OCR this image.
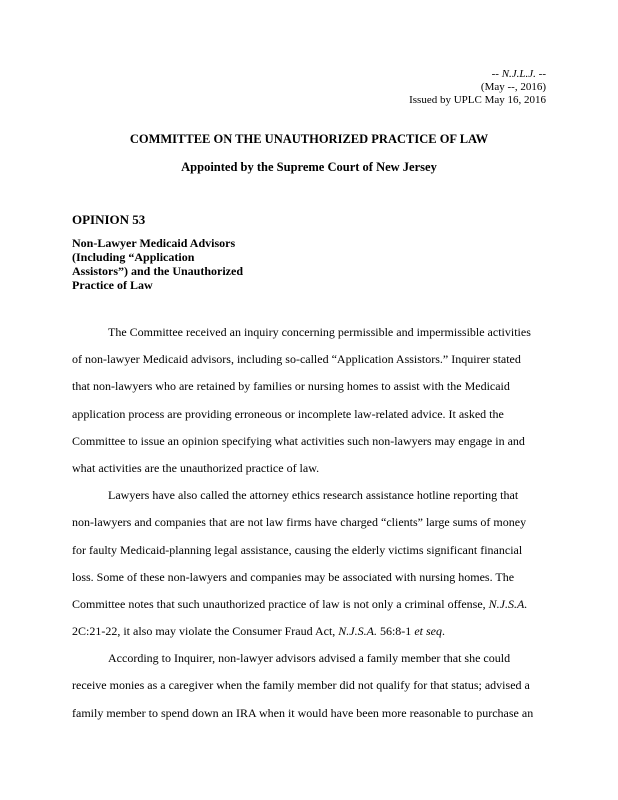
-- N.J.L.J. --
(May --, 2016)
Issued by UPLC May 16, 2016
COMMITTEE ON THE UNAUTHORIZED PRACTICE OF LAW
Appointed by the Supreme Court of New Jersey
OPINION 53
Non-Lawyer Medicaid Advisors
(Including “Application
Assistors”) and the Unauthorized
Practice of Law
The Committee received an inquiry concerning permissible and impermissible activities
of non-lawyer Medicaid advisors, including so-called “Application Assistors.” Inquirer stated
that non-lawyers who are retained by families or nursing homes to assist with the Medicaid
application process are providing erroneous or incomplete law-related advice. It asked the
Committee to issue an opinion specifying what activities such non-lawyers may engage in and
what activities are the unauthorized practice of law.
Lawyers have also called the attorney ethics research assistance hotline reporting that
non-lawyers and companies that are not law firms have charged “clients” large sums of money
for faulty Medicaid-planning legal assistance, causing the elderly victims significant financial
loss. Some of these non-lawyers and companies may be associated with nursing homes. The
Committee notes that such unauthorized practice of law is not only a criminal offense, N.J.S.A.
2C:21-22, it also may violate the Consumer Fraud Act, N.J.S.A. 56:8-1 et seq.
According to Inquirer, non-lawyer advisors advised a family member that she could
receive monies as a caregiver when the family member did not qualify for that status; advised a
family member to spend down an IRA when it would have been more reasonable to purchase an
